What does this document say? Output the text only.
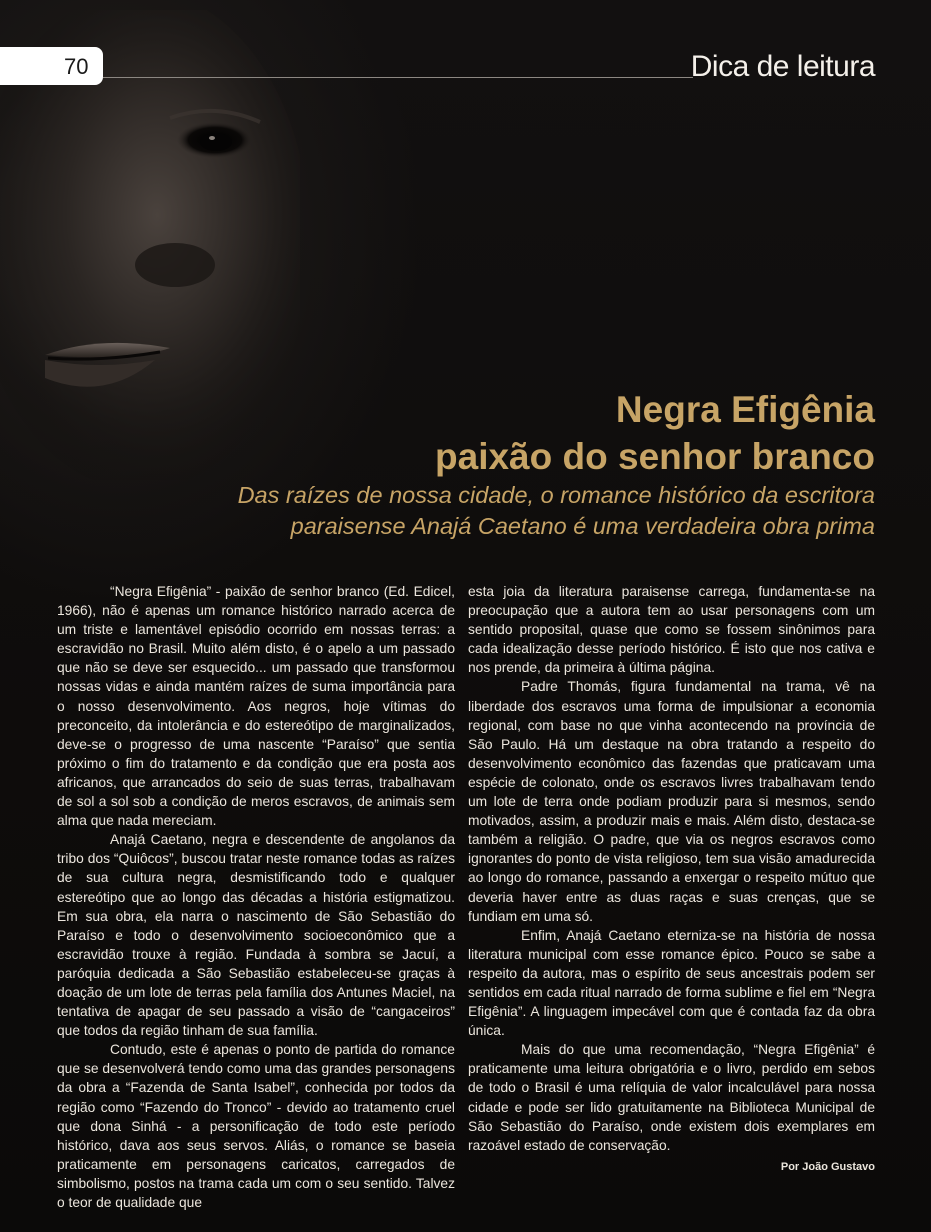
70	Dica de leitura
Negra Efigênia
paixão do senhor branco
Das raízes de nossa cidade, o romance histórico da escritora
paraisense Anajá Caetano é uma verdadeira obra prima

“Negra Efigênia” - paixão de senhor branco (Ed. Edicel, 1966), não é apenas um romance histórico narrado acerca de um triste e lamentável episódio ocorrido em nossas terras: a escravidão no Brasil. Muito além disto, é o apelo a um passado que não se deve ser esquecido... um passado que transformou nossas vidas e ainda mantém raízes de suma importância para o nosso desenvolvimento. Aos negros, hoje vítimas do preconceito, da intolerância e do estereótipo de marginalizados, deve-se o progresso de uma nascente “Paraíso” que sentia próximo o fim do tratamento e da condição que era posta aos africanos, que arrancados do seio de suas terras, trabalhavam de sol a sol sob a condição de meros escravos, de animais sem alma que nada mereciam.

Anajá Caetano, negra e descendente de angolanos da tribo dos “Quiôcos”, buscou tratar neste romance todas as raízes de sua cultura negra, desmistificando todo e qualquer estereótipo que ao longo das décadas a história estigmatizou. Em sua obra, ela narra o nascimento de São Sebastião do Paraíso e todo o desenvolvimento socioeconômico que a escravidão trouxe à região. Fundada à sombra se Jacuí, a paróquia dedicada a São Sebastião estabeleceu-se graças à doação de um lote de terras pela família dos Antunes Maciel, na tentativa de apagar de seu passado a visão de “cangaceiros” que todos da região tinham de sua família.

Contudo, este é apenas o ponto de partida do romance que se desenvolverá tendo como uma das grandes personagens da obra a “Fazenda de Santa Isabel”, conhecida por todos da região como “Fazendo do Tronco” - devido ao tratamento cruel que dona Sinhá - a personificação de todo este período histórico, dava aos seus servos. Aliás, o romance se baseia praticamente em personagens caricatos, carregados de simbolismo, postos na trama cada um com o seu sentido. Talvez o teor de qualidade que

esta joia da literatura paraisense carrega, fundamenta-se na preocupação que a autora tem ao usar personagens com um sentido proposital, quase que como se fossem sinônimos para cada idealização desse período histórico. É isto que nos cativa e nos prende, da primeira à última página.

Padre Thomás, figura fundamental na trama, vê na liberdade dos escravos uma forma de impulsionar a economia regional, com base no que vinha acontecendo na província de São Paulo. Há um destaque na obra tratando a respeito do desenvolvimento econômico das fazendas que praticavam uma espécie de colonato, onde os escravos livres trabalhavam tendo um lote de terra onde podiam produzir para si mesmos, sendo motivados, assim, a produzir mais e mais. Além disto, destaca-se também a religião. O padre, que via os negros escravos como ignorantes do ponto de vista religioso, tem sua visão amadurecida ao longo do romance, passando a enxergar o respeito mútuo que deveria haver entre as duas raças e suas crenças, que se fundiam em uma só.

Enfim, Anajá Caetano eterniza-se na história de nossa literatura municipal com esse romance épico. Pouco se sabe a respeito da autora, mas o espírito de seus ancestrais podem ser sentidos em cada ritual narrado de forma sublime e fiel em “Negra Efigênia”. A linguagem impecável com que é contada faz da obra única.

Mais do que uma recomendação, “Negra Efigênia” é praticamente uma leitura obrigatória e o livro, perdido em sebos de todo o Brasil é uma relíquia de valor incalculável para nossa cidade e pode ser lido gratuitamente na Biblioteca Municipal de São Sebastião do Paraíso, onde existem dois exemplares em razoável estado de conservação.

Por João Gustavo
